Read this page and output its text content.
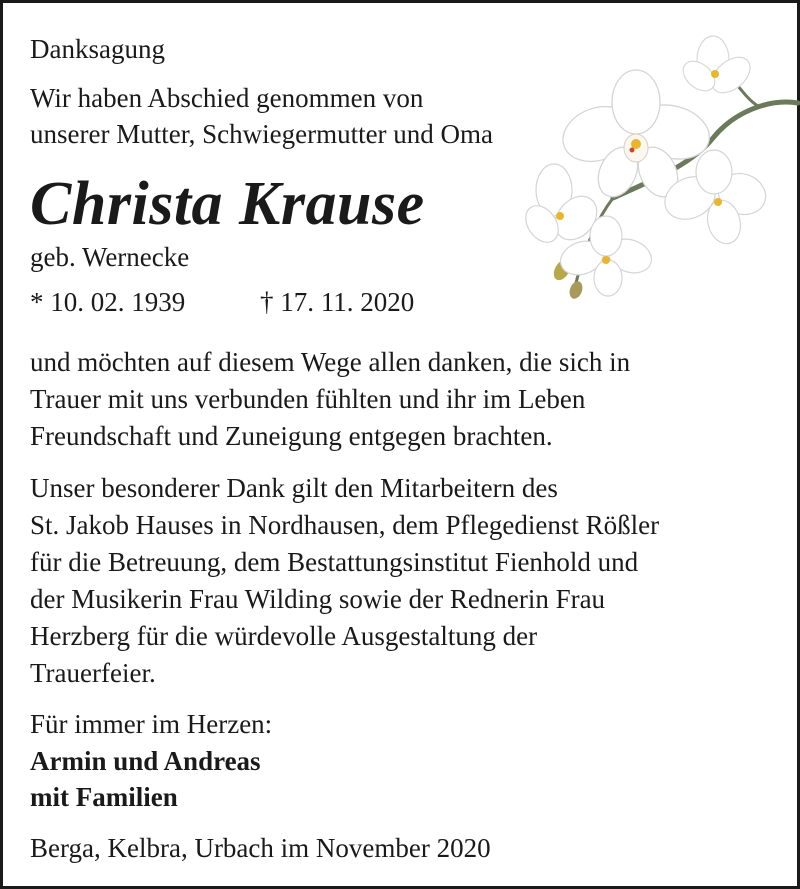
Danksagung
Wir haben Abschied genommen von
unserer Mutter, Schwiegermutter und Oma
Christa Krause
geb. Wernecke
* 10. 02. 1939	† 17. 11. 2020
und möchten auf diesem Wege allen danken, die sich in
Trauer mit uns verbunden fühlten und ihr im Leben
Freundschaft und Zuneigung entgegen brachten.
Unser besonderer Dank gilt den Mitarbeitern des
St. Jakob Hauses in Nordhausen, dem Pflegedienst Rößler
für die Betreuung, dem Bestattungsinstitut Fienhold und
der Musikerin Frau Wilding sowie der Rednerin Frau
Herzberg für die würdevolle Ausgestaltung der
Trauerfeier.
Für immer im Herzen:
Armin und Andreas
mit Familien
Berga, Kelbra, Urbach im November 2020
